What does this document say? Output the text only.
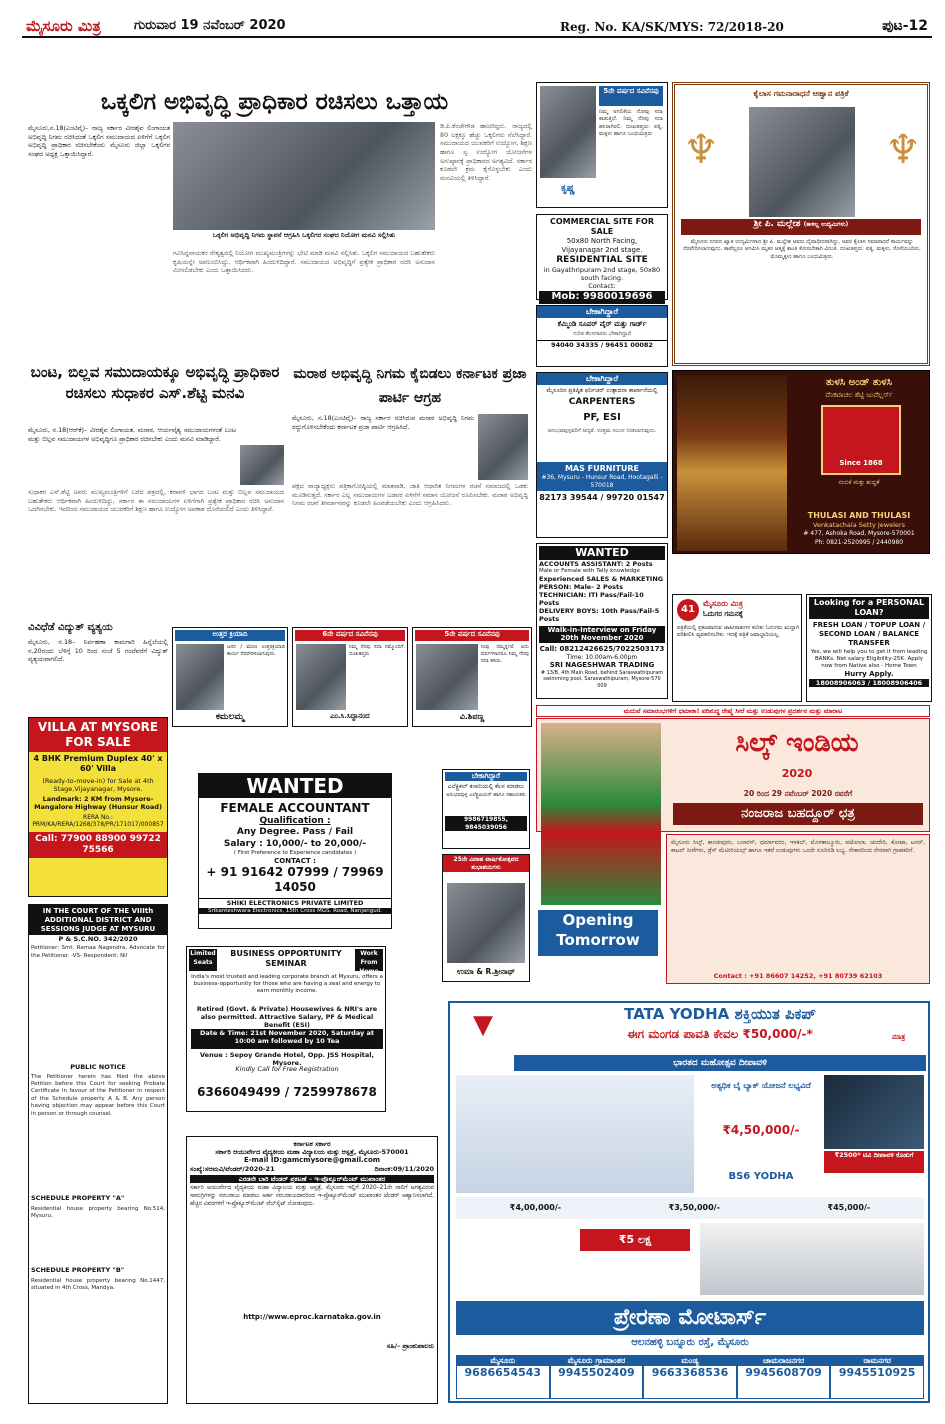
ಮೈಸೂರು ಮಿತ್ರ	ಗುರುವಾರ 19 ನವೆಂಬರ್ 2020	Reg. No. KA/SK/MYS: 72/2018-20	ಪುಟ-12
ಒಕ್ಕಲಿಗ ಅಭಿವೃದ್ಧಿ ಪ್ರಾಧಿಕಾರ ರಚಿಸಲು ಒತ್ತಾಯ
ಮೈಸೂರು,ನ.18(ಎಂಟಿವೈ)– ರಾಜ್ಯ ಸರ್ಕಾರ ವೀರಶೈವ ಲಿಂಗಾಯತ ಅಭಿವೃದ್ಧಿ ನಿಗಮ ರಚಿಸಿದಂತೆ ಒಕ್ಕಲಿಗ ಸಮುದಾಯದ ಏಳಿಗೆಗೆ ಒಕ್ಕಲಿಗ ಅಭಿವೃದ್ಧಿ ಪ್ರಾಧಿಕಾರ ರಚಿಸಬೇಕೆಂದು ಮೈಸೂರು ಜಿಲ್ಲಾ ಒಕ್ಕಲಿಗರ ಸಂಘದ ಅಧ್ಯಕ್ಷ ಒತ್ತಾಯಿಸಿದ್ದಾರೆ.
ಒಕ್ಕಲಿಗ ಅಭಿವೃದ್ಧಿ ನಿಗಮ ಸ್ಥಾಪನೆ ಆಗ್ರಹಿಸಿ ಒಕ್ಕಲಿಗರ ಸಂಘದ ನಿಯೋಗ ಮನವಿ ಸಲ್ಲಿಸಿತು
ಗವಿಸಿದ್ದನಾಯಕರ ನೇತೃತ್ವದಲ್ಲಿ ನಿಯೋಗ ಮುಖ್ಯಮಂತ್ರಿಗಳನ್ನು ಭೇಟಿ ಮಾಡಿ ಮನವಿ ಸಲ್ಲಿಸಿತು. ಒಕ್ಕಲಿಗ ಸಮುದಾಯದ ಬಹುತೇಕರು ಕೃಷಿಯನ್ನೇ ಅವಲಂಬಿಸಿದ್ದು, ಆರ್ಥಿಕವಾಗಿ ಹಿಂದುಳಿದಿದ್ದಾರೆ. ಸಮುದಾಯದ ಅಭಿವೃದ್ಧಿಗೆ ಪ್ರತ್ಯೇಕ ಪ್ರಾಧಿಕಾರ ರಚಿಸಿ ಅನುದಾನ ಮೀಸಲಿಡಬೇಕು ಎಂದು ಒತ್ತಾಯಿಸಿದರು.
ಡಿ.ಪಿ.ಕೆಂಚೇಗೌಡ ಹಾಜರಿದ್ದರು. ರಾಜ್ಯದಲ್ಲಿ 80 ಲಕ್ಷಕ್ಕೂ ಹೆಚ್ಚು ಒಕ್ಕಲಿಗರು ನೆಲೆಸಿದ್ದಾರೆ. ಸಮುದಾಯದ ಯುವಕರಿಗೆ ಉದ್ಯೋಗ, ಶಿಕ್ಷಣ ಹಾಗೂ ಸ್ವ ಉದ್ಯೋಗ ಯೋಜನೆಗಳ ಅನುಷ್ಠಾನಕ್ಕೆ ಪ್ರಾಧಿಕಾರದ ಅಗತ್ಯವಿದೆ. ಸರ್ಕಾರ ಕೂಡಲೇ ಕ್ರಮ ಕೈಗೊಳ್ಳಬೇಕು ಎಂದು ಮನವಿಯಲ್ಲಿ ತಿಳಿಸಿದ್ದಾರೆ.
5ನೇ ವರ್ಷದ ಸವಿನೆನಪು
ನಿಮ್ಮ ಅಗಲಿಕೆಯ ನೋವು ಸದಾ ಕಾಡುತ್ತಿದೆ. ನಿಮ್ಮ ನೆನಪು ಸದಾ ಹಸಿರಾಗಿರಲಿ. ದುಃಖತಪ್ತರು: ಪತ್ನಿ, ಮಕ್ಕಳು ಹಾಗೂ ಬಂಧುಮಿತ್ರರು
ಕೃಷ್ಣ
COMMERCIAL SITE FOR SALE
50x80 North Facing,
Vijayanagar 2nd stage.
RESIDENTIAL SITE
in Gayathripuram 2nd stage, 50x80 south facing.
Contact:
Mob: 9980019696
ಬೇಕಾಗಿದ್ದಾರೆ
ಕೆಮ್ಮಿಂಡಿ ಸೂಪರ್ ವೈರ್ ಮತ್ತು ಗಾರ್ಡ್
ನುರಿತ ಕೆಲಸಗಾರರು ಬೇಕಾಗಿದ್ದಾರೆ
94040 34335 / 96451 00082
ಬೇಕಾಗಿದ್ದಾರೆ
ಮೈಸೂರಿನ ಪ್ರತಿಷ್ಠಿತ ಫರ್ನಿಚರ್ ಉತ್ಪಾದನಾ ಕಾರ್ಖಾನೆಯಲ್ಲಿ
CARPENTERS
PF, ESI
ಅನುಭವವುಳ್ಳವರಿಗೆ ಆದ್ಯತೆ. ಉತ್ತಮ ಸಂಬಳ ನೀಡಲಾಗುವುದು.
MAS FURNITURE
#36, Mysuru - Hunsur Road, Hootagalli - 570018
82173 39544 / 99720 01547
ಕೈಲಾಸ ಗಮನಾರಾಧನೆ ಆಹ್ವಾನ ಪತ್ರಿಕೆ
♆	♆
ಶ್ರೀ ಪಿ. ಮಲ್ಲೇಶ (ಕಾಳಿಲ್ಲ ಉದ್ಯಮಿಗಳು)
ಮೈಸೂರು ನಗರದ ಖ್ಯಾತ ಉದ್ಯಮಿಗಳಾದ ಶ್ರೀ ಪಿ. ಮಲ್ಲೇಶ ಅವರು ದೈವಾಧೀನರಾಗಿದ್ದು, ಅವರ ಕೈಲಾಸ ಸಮಾರಾಧನೆ ಕಾರ್ಯವನ್ನು ನೆರವೇರಿಸಲಾಗುವುದು. ತಾವೆಲ್ಲರೂ ಆಗಮಿಸಿ ಮೃತರ ಆತ್ಮಕ್ಕೆ ಶಾಂತಿ ಕೋರಬೇಕಾಗಿ ವಿನಂತಿ. ದುಃಖತಪ್ತರು: ಪತ್ನಿ, ಮಕ್ಕಳು, ಸೊಸೆಯಂದಿರು, ಮೊಮ್ಮಕ್ಕಳು ಹಾಗೂ ಬಂಧುಮಿತ್ರರು.
ತುಳಸಿ ಅಂಡ್ ತುಳಸಿ
ವೆಂಕಟಾಚಲ ಶೆಟ್ಟಿ ಜುವೆಲ್ಲರ್ಸ್
Since 1868
ನಂಬಿಕೆ ಮತ್ತು ಶುದ್ಧತೆ
THULASI AND THULASI
Venkatachala Setty Jewelers
# 477, Ashoka Road, Mysore-570001
Ph: 0821-2520995 / 2440980
ಬಂಟ, ಬಿಲ್ಲವ ಸಮುದಾಯಕ್ಕೂ ಅಭಿವೃದ್ಧಿ ಪ್ರಾಧಿಕಾರ ರಚಿಸಲು ಸುಧಾಕರ ಎಸ್.ಶೆಟ್ಟಿ ಮನವಿ
ಮೈಸೂರು, ನ.18(ಆರ್‌ಕೆ)– ವೀರಶೈವ ಲಿಂಗಾಯತ, ಮರಾಠ, ಆರ್ಯವೈಶ್ಯ ಸಮುದಾಯಗಳಂತೆ ಬಂಟ ಮತ್ತು ಬಿಲ್ಲವ ಸಮುದಾಯಗಳ ಅಭಿವೃದ್ಧಿಗೂ ಪ್ರಾಧಿಕಾರ ರಚಿಸಬೇಕು ಎಂದು ಮನವಿ ಮಾಡಿದ್ದಾರೆ.
ಸುಧಾಕರ ಎಸ್.ಶೆಟ್ಟಿ ಅವರು ಮುಖ್ಯಮಂತ್ರಿಗಳಿಗೆ ಬರೆದ ಪತ್ರದಲ್ಲಿ, ಕರಾವಳಿ ಭಾಗದ ಬಂಟ ಮತ್ತು ಬಿಲ್ಲವ ಸಮುದಾಯದ ಬಹುತೇಕರು ಆರ್ಥಿಕವಾಗಿ ಹಿಂದುಳಿದಿದ್ದು, ಸರ್ಕಾರ ಈ ಸಮುದಾಯಗಳ ಏಳಿಗೆಗಾಗಿ ಪ್ರತ್ಯೇಕ ಪ್ರಾಧಿಕಾರ ರಚಿಸಿ ಅನುದಾನ ಒದಗಿಸಬೇಕು. ಇದರಿಂದ ಸಮುದಾಯದ ಯುವಕರಿಗೆ ಶಿಕ್ಷಣ ಹಾಗೂ ಉದ್ಯೋಗ ಅವಕಾಶ ದೊರೆಯಲಿದೆ ಎಂದು ತಿಳಿಸಿದ್ದಾರೆ.
ಮರಾಠ ಅಭಿವೃದ್ಧಿ ನಿಗಮ ಕೈಬಿಡಲು ಕರ್ನಾಟಕ ಪ್ರಜಾ ಪಾರ್ಟಿ ಆಗ್ರಹ
ಮೈಸೂರು, ನ.18(ಎಂಟಿವೈ)– ರಾಜ್ಯ ಸರ್ಕಾರ ರಚಿಸಿರುವ ಮರಾಠ ಅಭಿವೃದ್ಧಿ ನಿಗಮ ರದ್ದುಗೊಳಿಸಬೇಕೆಂದು ಕರ್ನಾಟಕ ಪ್ರಜಾ ಪಾರ್ಟಿ ಆಗ್ರಹಿಸಿದೆ.
ಪಕ್ಷದ ರಾಜ್ಯಾಧ್ಯಕ್ಷರು ಪತ್ರಿಕಾಗೋಷ್ಠಿಯಲ್ಲಿ ಮಾತನಾಡಿ, ಜಾತಿ ಆಧಾರಿತ ನಿಗಮಗಳ ರಚನೆ ಸಮಾಜದಲ್ಲಿ ಒಡಕು ಮೂಡಿಸುತ್ತದೆ. ಸರ್ಕಾರ ಎಲ್ಲ ಸಮುದಾಯಗಳ ಬಡವರ ಏಳಿಗೆಗೆ ಸಮಾನ ಯೋಜನೆ ರೂಪಿಸಬೇಕು. ಮರಾಠ ಅಭಿವೃದ್ಧಿ ನಿಗಮ ರಚನೆ ತೀರ್ಮಾನವನ್ನು ಕೂಡಲೇ ಹಿಂಪಡೆಯಬೇಕು ಎಂದು ಆಗ್ರಹಿಸಿದರು.
ವಿವಿಧೆಡೆ ವಿದ್ಯುತ್ ವ್ಯತ್ಯಯ
ಮೈಸೂರು, ನ.18– ನಿರ್ವಹಣಾ ಕಾಮಗಾರಿ ಹಿನ್ನೆಲೆಯಲ್ಲಿ ನ.20ರಂದು ಬೆಳಿಗ್ಗೆ 10 ರಿಂದ ಸಂಜೆ 5 ಗಂಟೆವರೆಗೆ ವಿದ್ಯುತ್ ವ್ಯತ್ಯಯವಾಗಲಿದೆ.
ಉತ್ತರ ಕ್ರಿಯಾದಿ
ಜನನ / ಮರಣ ಉತ್ತರಕ್ರಿಯಾದಿ ಕಾರ್ಯ ನೆರವೇರಿಸಲಾಗುವುದು.
ಕಮಲಮ್ಮ
6ನೇ ವರ್ಷದ ಸವಿನೆನಪು
ನಿಮ್ಮ ನೆನಪು ಸದಾ ನಮ್ಮೊಂದಿಗೆ. ದುಃಖತಪ್ತರು
ಎಂ.ಸಿ.ಸಿದ್ಧಾನಂದ
5ನೇ ವರ್ಷದ ಸವಿನೆನಪು
ನೀವು ನಮ್ಮನ್ನಗಲಿ ಐದು ವರ್ಷಗಳಾದರೂ ನಿಮ್ಮ ನೆನಪು ಸದಾ ಹಸಿರು.
ವಿ.ಶಿವಣ್ಣ
WANTED
ACCOUNTS ASSISTANT: 2 Posts
Male or Female with Tally knowledge
Experienced SALES & MARKETING PERSON: Male- 2 Posts
TECHNICIAN: ITI Pass/Fail-10 Posts
DELIVERY BOYS: 10th Pass/Fail-5 Posts
Walk-in-Interview on Friday 20th November 2020
Call: 08212426625/7022503173
Time: 10.00am-6.00pm
SRI NAGESHWAR TRADING
# 13/B, 4th Main Road, behind Saraswathipuram swimming pool, Saraswathipuram, Mysore-570 009
41
ಮೈಸೂರು ಮಿತ್ರ
ಓದುಗರ ಗಮನಕ್ಕೆ
ಪತ್ರಿಕೆಯಲ್ಲಿ ಪ್ರಕಟವಾಗುವ ಜಾಹೀರಾತುಗಳ ಕುರಿತು ಓದುಗರು ಖುದ್ದಾಗಿ ಪರಿಶೀಲಿಸಿ ವ್ಯವಹರಿಸಬೇಕು. ಇದಕ್ಕೆ ಪತ್ರಿಕೆ ಜವಾಬ್ದಾರಿಯಲ್ಲ.
Looking for a PERSONAL LOAN?
FRESH LOAN / TOPUP LOAN / SECOND LOAN / BALANCE TRANSFER
Yes, we will help you to get it from leading BANKs. Net salary Eligibility-25K. Apply now from Native also - Home Town
Hurry Apply.
18008906063 / 18008906406
VILLA AT MYSORE FOR SALE
4 BHK Premium Duplex 40' x 60' Villa
(Ready-to-move-in) for Sale at 4th Stage,Vijayanagar, Mysore.
Landmark: 2 KM from Mysore-Mangalore Highway (Hunsur Road)
RERA No.: PRM/KA/RERA/1268/378/PR/171017/000857
Call: 77900 88900 99722 75566
IN THE COURT OF THE VIIIth ADDITIONAL DISTRICT AND SESSIONS JUDGE AT MYSURU
P & S.C.NO. 342/2020
Petitioner: Smt. Ramaa Nagendra, Advocate for the Petitioner. -VS- Respondent: Nil
PUBLIC NOTICE
The Petitioner herein has filed the above Petition before this Court for seeking Probate Certificate in favour of the Petitioner in respect of the Schedule property A & B. Any person having objection may appear before this Court in person or through counsel.
SCHEDULE PROPERTY "A"
Residential house property bearing No.514, Mysuru.
SCHEDULE PROPERTY "B"
Residential house property bearing No.1447, situated in 4th Cross, Mandya.
WANTED
FEMALE ACCOUNTANT
Qualification :
Any Degree. Pass / Fail
Salary : 10,000/- to 20,000/-
( First Preference to Experience candidates )
CONTACT :
+ 91 91642 07999 / 79969 14050
SHIKI ELECTRONICS PRIVATE LIMITED
Srikanteshwara Electronics, 15th Cross MGS. Road, Nanjangud.
Limited Seats
BUSINESS OPPORTUNITY SEMINAR
Work From Home
India's most trusted and leading corporate branch at Mysuru, offers a business-opportunity for those who are having a zeal and energy to earn monthly income.
Retired (Govt. & Private) Housewives & NRI's are also permitted. Attractive Salary, PF & Medical Benefit (ESI)
Date & Time: 21st November 2020, Saturday at 10:00 am followed by 10 Tea
Venue : Sepoy Grande Hotel, Opp. JSS Hospital, Mysore.
Kindly Call for Free Registration
6366049499 / 7259978678
ಕರ್ನಾಟಕ ಸರ್ಕಾರ
ಸರ್ಕಾರಿ ಆಯುರ್ವೇದ ವೈದ್ಯಕೀಯ ಮಹಾ ವಿದ್ಯಾಲಯ ಮತ್ತು ಆಸ್ಪತ್ರೆ, ಮೈಸೂರು-570001
E-mail ID:gamcmysore@gmail.com
ಸಂಖ್ಯೆ:ಸಆಮವಿ/ಟೆಂಡರ್/2020-21	ದಿನಾಂಕ:09/11/2020
ಎರಡನೇ ಬಾರಿ ಟೆಂಡರ್ ಪ್ರಕಟಣೆ – ಇ-ಪ್ರೊಕ್ಯೂರ್‌ಮೆಂಟ್ ಮುಖಾಂತರ
ಸರ್ಕಾರಿ ಆಯುರ್ವೇದ ವೈದ್ಯಕೀಯ ಮಹಾ ವಿದ್ಯಾಲಯ ಮತ್ತು ಆಸ್ಪತ್ರೆ, ಮೈಸೂರು ಇಲ್ಲಿಗೆ 2020–21ನೇ ಸಾಲಿಗೆ ಅಗತ್ಯವಿರುವ ಸಾಮಗ್ರಿಗಳನ್ನು ಸರಬರಾಜು ಮಾಡಲು ಅರ್ಹ ಸರಬರಾಜುದಾರರಿಂದ ಇ-ಪ್ರೊಕ್ಯೂರ್‌ಮೆಂಟ್ ಮುಖಾಂತರ ಟೆಂಡರ್ ಆಹ್ವಾನಿಸಲಾಗಿದೆ. ಹೆಚ್ಚಿನ ವಿವರಗಳಿಗೆ ಇ-ಪ್ರೊಕ್ಯೂರ್‌ಮೆಂಟ್ ವೆಬ್‌ಸೈಟ್ ನೋಡುವುದು.
http://www.eproc.karnataka.gov.in
ಸಹಿ/– ಪ್ರಾಂಶುಪಾಲರು
ಮದುವೆ ಸಮಾರಂಭಗಳಿಗೆ ಧಮಾಕಾ! ಪರಿಶುದ್ಧ ರೇಷ್ಮೆ ಸೀರೆ ಮತ್ತು ಉಡುಪುಗಳ ಪ್ರದರ್ಶನ ಮತ್ತು ಮಾರಾಟ
ಸಿಲ್ಕ್ ಇಂಡಿಯ
2020
20 ರಿಂದ 29 ನವೆಂಬರ್ 2020 ರವರೆಗೆ
ನಂಜರಾಜ ಬಹದ್ದೂರ್ ಛತ್ರ
ಮೈಸೂರು ಸಿಲ್ಕ್, ಕಾಂಚೀಪುರಂ, ಬನಾರಸ್, ಧರ್ಮಾವರಂ, ಇಳಕಲ್, ಮೊಳಕಾಲ್ಮೂರು, ಪಟೋಲಾ, ಚಂದೇರಿ, ಕೋಟಾ, ಟಸರ್, ಕಾಟನ್ ಸೀರೆಗಳು, ಡ್ರೆಸ್ ಮೆಟೀರಿಯಲ್ಸ್ ಹಾಗೂ ಇತರೆ ಉಡುಪುಗಳು ಒಂದೇ ಸೂರಿನಡಿ ಲಭ್ಯ. ನೇಕಾರರಿಂದ ನೇರವಾಗಿ ಗ್ರಾಹಕರಿಗೆ.
Contact : +91 86607 14252, +91 80739 62103
Opening Tomorrow
ಬೇಕಾಗಿದ್ದಾರೆ
ಎಲೆಕ್ಟ್ರಿಕಲ್ ಕಂಪನಿಯಲ್ಲಿ ಕೆಲಸ ಮಾಡಲು
ಅನುಭವವುಳ್ಳ ಎಲೆಕ್ಟ್ರಿಷಿಯನ್ ಹಾಗೂ ಸಹಾಯಕರು
9986719855, 9845039056
25ನೇ ವಿವಾಹ ವಾರ್ಷಿಕೋತ್ಸವದ ಶುಭಾಶಯಗಳು
ಉಮಾ & R.ಶ್ರೀನಾಥ್
TATA YODHA ಶಕ್ತಿಯುತ ಪಿಕಪ್
▼	ಈಗ ಮಂಗಡ ಪಾವತಿ ಕೇವಲ ₹50,000/-*	ಮಾತ್ರ
ಭಾರತದ ಮಹೋತ್ಸವ ದೀಪಾವಳಿ
ಅತ್ಯಧಿಕ ಬೈ ಬ್ಯಾಕ್ ಯೋಜನೆ ಲಭ್ಯವಿದೆ
₹4,50,000/-
₹2500* ಟಿವಿ ದೀಪಾವಳಿ ಕೊಡುಗೆ
BS6 YODHA
₹4,00,000/-	₹3,50,000/-	₹45,000/-
₹5 ಲಕ್ಷ
ಪ್ರೇರಣಾ ಮೋಟಾರ್ಸ್
ಆಲನಹಳ್ಳಿ ಬನ್ನೂರು ರಸ್ತೆ, ಮೈಸೂರು
ಮೈಸೂರು
9686654543
ಮೈಸೂರು ಗ್ರಾಮಾಂತರ
9945502409
ಮಂಡ್ಯ
9663368536
ಚಾಮರಾಜನಗರ
9945608709
ರಾಮನಗರ
9945510925
